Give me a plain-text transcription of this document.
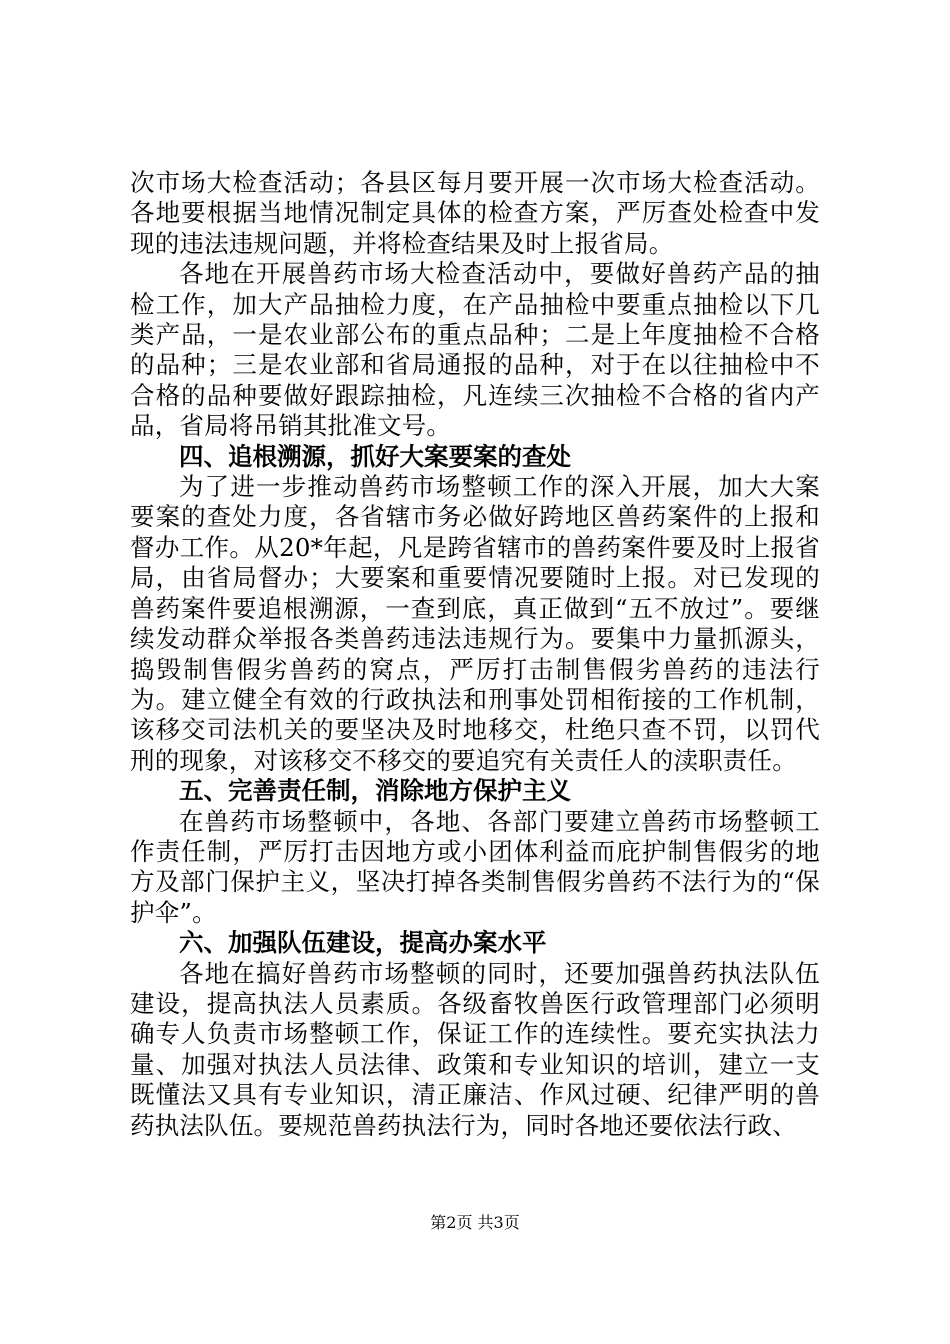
次市场大检查活动；各县区每月要开展一次市场大检查活动。各地要根据当地情况制定具体的检查方案，严厉查处检查中发现的违法违规问题，并将检查结果及时上报省局。

各地在开展兽药市场大检查活动中，要做好兽药产品的抽检工作，加大产品抽检力度，在产品抽检中要重点抽检以下几类产品，一是农业部公布的重点品种；二是上年度抽检不合格的品种；三是农业部和省局通报的品种，对于在以往抽检中不合格的品种要做好跟踪抽检，凡连续三次抽检不合格的省内产品，省局将吊销其批准文号。

四、追根溯源，抓好大案要案的查处

为了进一步推动兽药市场整顿工作的深入开展，加大大案要案的查处力度，各省辖市务必做好跨地区兽药案件的上报和督办工作。从20*年起，凡是跨省辖市的兽药案件要及时上报省局，由省局督办；大要案和重要情况要随时上报。对已发现的兽药案件要追根溯源，一查到底，真正做到“五不放过”。要继续发动群众举报各类兽药违法违规行为。要集中力量抓源头，捣毁制售假劣兽药的窝点，严厉打击制售假劣兽药的违法行为。建立健全有效的行政执法和刑事处罚相衔接的工作机制，该移交司法机关的要坚决及时地移交，杜绝只查不罚，以罚代刑的现象，对该移交不移交的要追究有关责任人的渎职责任。

五、完善责任制，消除地方保护主义

在兽药市场整顿中，各地、各部门要建立兽药市场整顿工作责任制，严厉打击因地方或小团体利益而庇护制售假劣的地方及部门保护主义，坚决打掉各类制售假劣兽药不法行为的“保护伞”。

六、加强队伍建设，提高办案水平

各地在搞好兽药市场整顿的同时，还要加强兽药执法队伍建设，提高执法人员素质。各级畜牧兽医行政管理部门必须明确专人负责市场整顿工作，保证工作的连续性。要充实执法力量、加强对执法人员法律、政策和专业知识的培训，建立一支既懂法又具有专业知识，清正廉洁、作风过硬、纪律严明的兽药执法队伍。要规范兽药执法行为，同时各地还要依法行政、

第2页 共3页
